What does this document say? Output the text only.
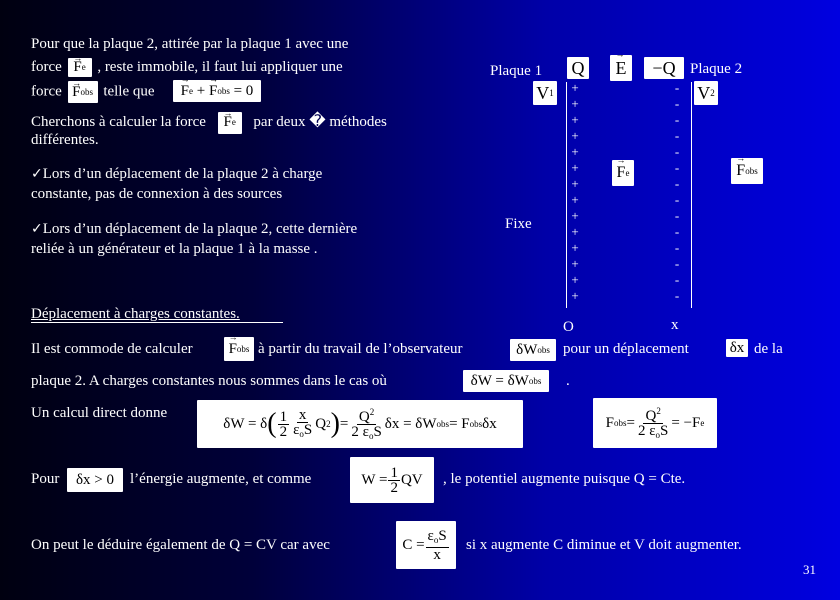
Pour que la plaque 2, attirée par la plaque 1 avec une
force → F e , reste immobile, il faut lui appliquer une
force → F obs telle que → F e + → F obs = 0
Cherchons à calculer la force → F e par deux � méthodes
différentes.
✓Lors d’un déplacement de la plaque 2 à charge
constante, pas de connexion à des sources
✓Lors d’un déplacement de la plaque 2, cette dernière
reliée à un générateur et la plaque 1 à la masse .
Plaque 1	Plaque 2
Fixe
Q → E	−Q
V 1	V 2
→ F e	→ F obs
+
+
+
+
+
+
+
+
+
+
+
+
+
+
-
-
-
-
-
-
-
-
-
-
-
-
-
-
O	x
Déplacement à charges constantes.
Il est commode de calculer → F obs à partir du travail de l’observateur	δW obs pour un déplacement	δx de la
plaque 2. A charges constantes nous sommes dans le cas où	δW = δW obs .
Un calcul direct donne
δW = δ ( $\frac{1}{2} \frac{x}{\varepsilon_oS}$ Q 2 ) = $\frac{Q^2}{2 \varepsilon_oS}$ δx = δW obs = F obs δx	F obs = $\frac{Q^2}{2 \varepsilon_oS} = -F$ e
Pour	δx > 0	l’énergie augmente, et comme	$W = \frac{1}{2}$ QV	, le potentiel augmente puisque Q = Cte.
On peut le déduire également de Q = CV car avec	$C = \frac{\varepsilon_oS}{x}$ si x augmente C diminue et V doit augmenter.
31
